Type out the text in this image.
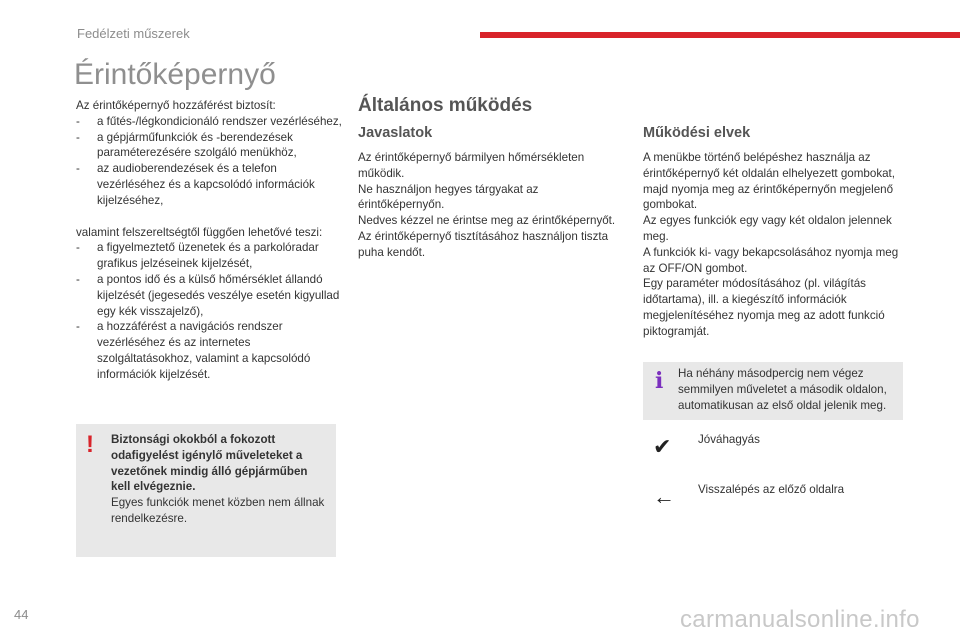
Fedélzeti műszerek
Érintőképernyő

Az érintőképernyő hozzáférést biztosít:

- a fűtés-/légkondicionáló rendszer vezérléséhez,
- a gépjárműfunkciók és -berendezések paraméterezésére szolgáló menükhöz,
- az audioberendezések és a telefon vezérléséhez és a kapcsolódó információk kijelzéséhez,

valamint felszereltségtől függően lehetővé teszi:

- a figyelmeztető üzenetek és a parkolóradar grafikus jelzéseinek kijelzését,
- a pontos idő és a külső hőmérséklet állandó kijelzését (jegesedés veszélye esetén kigyullad egy kék visszajelző),
- a hozzáférést a navigációs rendszer vezérléséhez és az internetes szolgáltatásokhoz, valamint a kapcsolódó információk kijelzését.
! Biztonsági okokból a fokozott odafigyelést igénylő műveleteket a vezetőnek mindig álló gépjárműben kell elvégeznie.
Egyes funkciók menet közben nem állnak rendelkezésre.
Általános működés
Javaslatok
Az érintőképernyő bármilyen hőmérsékleten működik.
Ne használjon hegyes tárgyakat az érintőképernyőn.
Nedves kézzel ne érintse meg az érintőképernyőt.
Az érintőképernyő tisztításához használjon tiszta puha kendőt.
Működési elvek
A menükbe történő belépéshez használja az érintőképernyő két oldalán elhelyezett gombokat, majd nyomja meg az érintőképernyőn megjelenő gombokat.
Az egyes funkciók egy vagy két oldalon jelennek meg.
A funkciók ki- vagy bekapcsolásához nyomja meg az OFF/ON gombot.
Egy paraméter módosításához (pl. világítás időtartama), ill. a kiegészítő információk megjelenítéséhez nyomja meg az adott funkció piktogramját.
i Ha néhány másodpercig nem végez semmilyen műveletet a második oldalon, automatikusan az első oldal jelenik meg.
✔ Jóváhagyás
← Visszalépés az előző oldalra
44	carmanualsonline.info
